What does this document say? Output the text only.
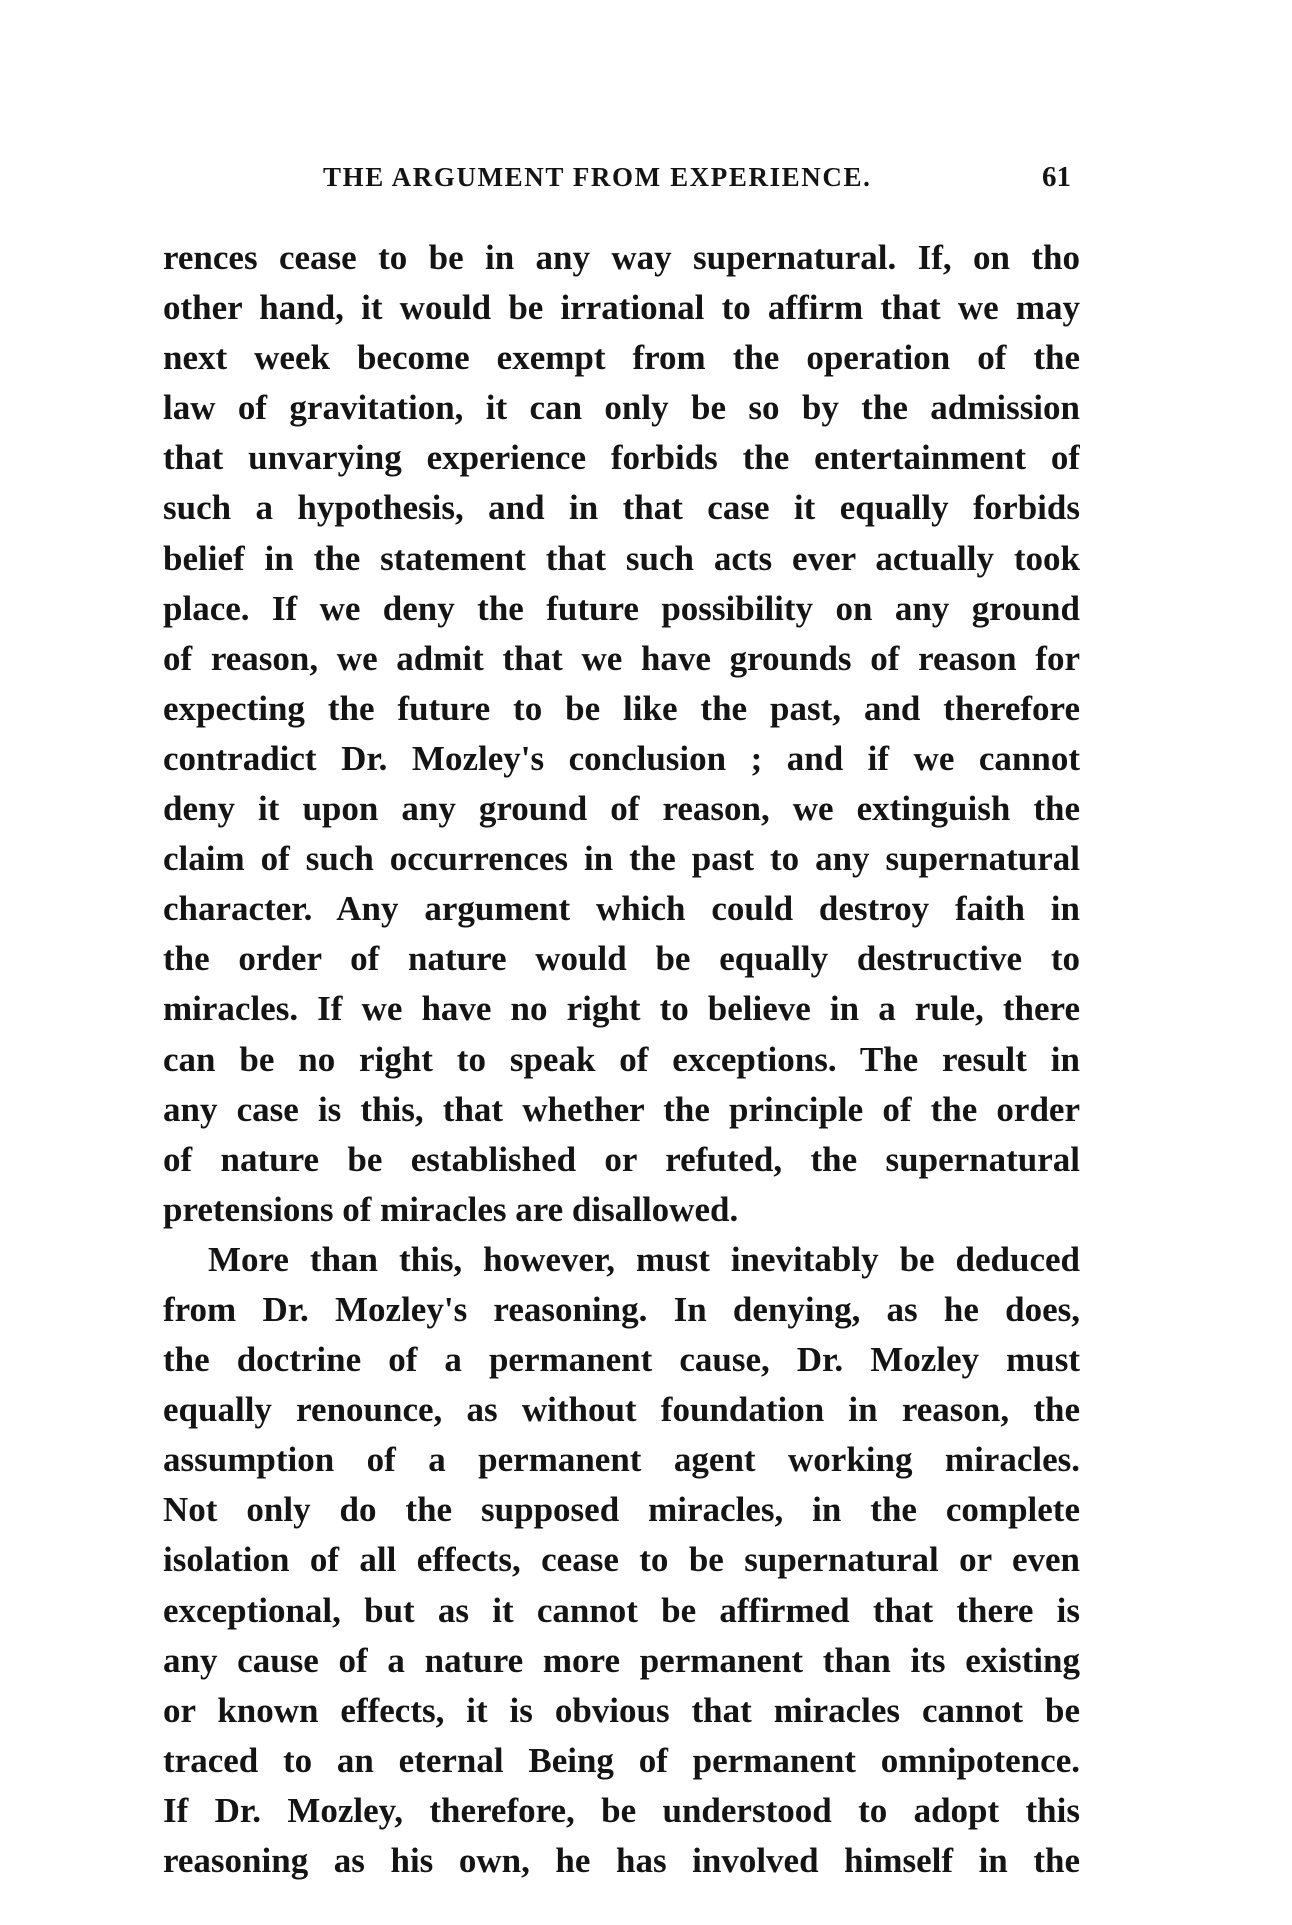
THE ARGUMENT FROM EXPERIENCE.	61
rences cease to be in any way supernatural. If, on tho
other hand, it would be irrational to affirm that we may
next week become exempt from the operation of the
law of gravitation, it can only be so by the admission
that unvarying experience forbids the entertainment of
such a hypothesis, and in that case it equally forbids
belief in the statement that such acts ever actually took
place. If we deny the future possibility on any ground
of reason, we admit that we have grounds of reason for
expecting the future to be like the past, and therefore
contradict Dr. Mozley's conclusion ; and if we cannot
deny it upon any ground of reason, we extinguish the
claim of such occurrences in the past to any supernatural
character. Any argument which could destroy faith in
the order of nature would be equally destructive to
miracles. If we have no right to believe in a rule, there
can be no right to speak of exceptions. The result in
any case is this, that whether the principle of the order
of nature be established or refuted, the supernatural
pretensions of miracles are disallowed.
More than this, however, must inevitably be deduced
from Dr. Mozley's reasoning. In denying, as he does,
the doctrine of a permanent cause, Dr. Mozley must
equally renounce, as without foundation in reason, the
assumption of a permanent agent working miracles.
Not only do the supposed miracles, in the complete
isolation of all effects, cease to be supernatural or even
exceptional, but as it cannot be affirmed that there is
any cause of a nature more permanent than its existing
or known effects, it is obvious that miracles cannot be
traced to an eternal Being of permanent omnipotence.
If Dr. Mozley, therefore, be understood to adopt this
reasoning as his own, he has involved himself in the
